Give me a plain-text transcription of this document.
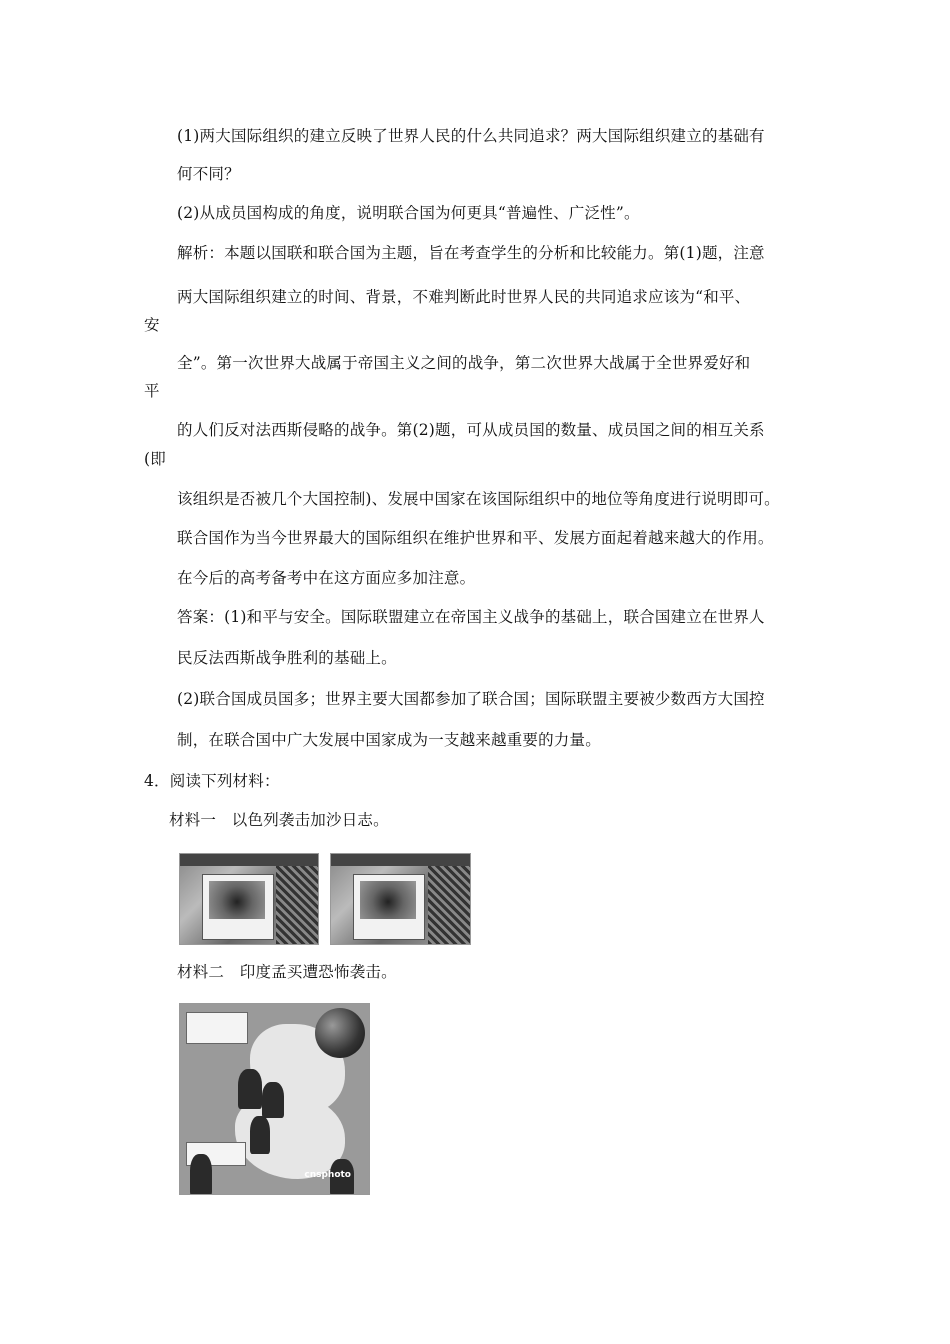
(1)两大国际组织的建立反映了世界人民的什么共同追求？两大国际组织建立的基础有
何不同？
(2)从成员国构成的角度，说明联合国为何更具“普遍性、广泛性”。
解析：本题以国联和联合国为主题，旨在考查学生的分析和比较能力。第(1)题，注意
两大国际组织建立的时间、背景，不难判断此时世界人民的共同追求应该为“和平、
安
全”。第一次世界大战属于帝国主义之间的战争，第二次世界大战属于全世界爱好和
平
的人们反对法西斯侵略的战争。第(2)题，可从成员国的数量、成员国之间的相互关系
(即
该组织是否被几个大国控制)、发展中国家在该国际组织中的地位等角度进行说明即可。
联合国作为当今世界最大的国际组织在维护世界和平、发展方面起着越来越大的作用。
在今后的高考备考中在这方面应多加注意。
答案：(1)和平与安全。国际联盟建立在帝国主义战争的基础上，联合国建立在世界人
民反法西斯战争胜利的基础上。
(2)联合国成员国多；世界主要大国都参加了联合国；国际联盟主要被少数西方大国控
制，在联合国中广大发展中国家成为一支越来越重要的力量。
4．阅读下列材料：
材料一　以色列袭击加沙日志。
材料二　印度孟买遭恐怖袭击。
cnsphoto
